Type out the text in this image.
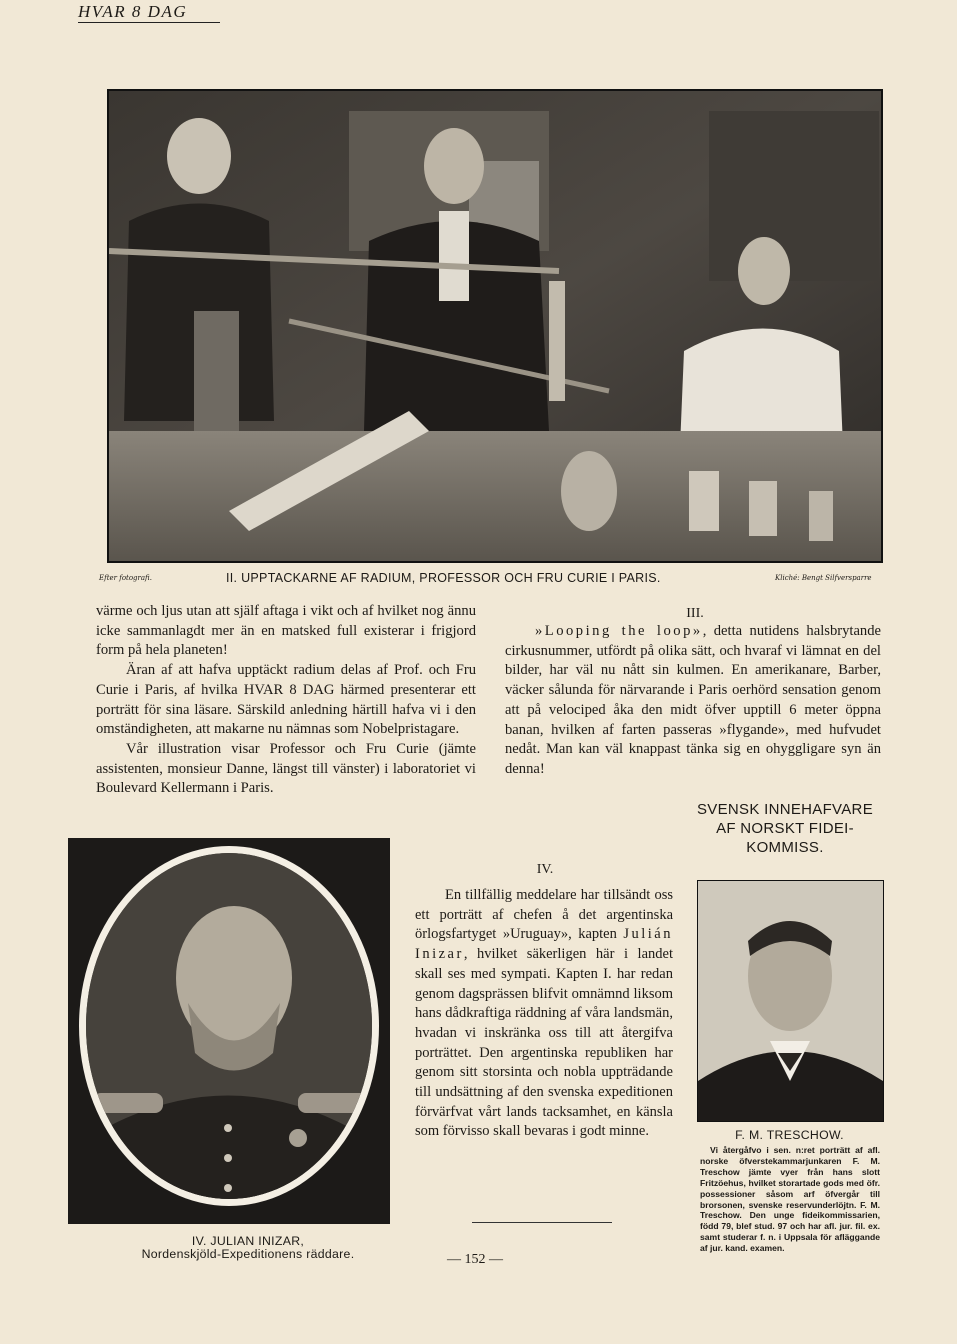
HVAR 8 DAG
Efter fotografi.	II. UPPTACKARNE AF RADIUM, PROFESSOR OCH FRU CURIE I PARIS.	Kliché: Bengt Silfversparre

värme och ljus utan att själf aftaga i vikt och af hvilket nog ännu icke sammanlagdt mer än en matsked full existerar i frigjord form på hela planeten!

Äran af att hafva upptäckt radium delas af Prof. och Fru Curie i Paris, af hvilka HVAR 8 DAG härmed presenterar ett porträtt för sina läsare. Särskild anledning härtill hafva vi i den omständigheten, att makarne nu nämnas som Nobelpristagare.

Vår illustration visar Professor och Fru Curie (jämte assistenten, monsieur Danne, längst till vänster) i laboratoriet vi Boulevard Kellermann i Paris.

III.

»Looping the loop», detta nutidens halsbrytande cirkusnummer, utfördt på olika sätt, och hvaraf vi lämnat en del bilder, har väl nu nått sin kulmen. En amerikanare, Barber, väcker sålunda för närvarande i Paris oerhörd sensation genom att på velociped åka den midt öfver upptill 6 meter öppna banan, hvilken af farten passeras »flygande», med hufvudet nedåt. Man kan väl knappast tänka sig en ohyggligare syn än denna!

SVENSK INNEHAFVARE
AF NORSKT FIDEI-
KOMMISS.
IV. JULIAN INIZAR,
Nordenskjöld-Expeditionens räddare.
IV.

En tillfällig meddelare har tillsändt oss ett porträtt af chefen å det argentinska örlogsfartyget »Uruguay», kapten Julián Inizar, hvilket säkerligen här i landet skall ses med sympati. Kapten I. har redan genom dagsprässen blifvit omnämnd liksom hans dådkraftiga räddning af våra landsmän, hvadan vi inskränka oss till att återgifva porträttet. Den argentinska republiken har genom sitt storsinta och nobla uppträdande till undsättning af den svenska expeditionen förvärfvat vårt lands tacksamhet, en känsla som förvisso skall bevaras i godt minne.	F. M. TRESCHOW.
Vi återgåfvo i sen. n:ret porträtt af afl. norske öfverstekammarjunkaren F. M. Treschow jämte vyer från hans slott Fritzöehus, hvilket storartade gods med öfr. possessioner såsom arf öfvergår till brorsonen, svenske reservunderlöjtn. F. M. Treschow. Den unge fideikommissarien, född 79, blef stud. 97 och har afl. jur. fil. ex. samt studerar f. n. i Uppsala för afläggande af jur. kand. examen.
— 152 —
